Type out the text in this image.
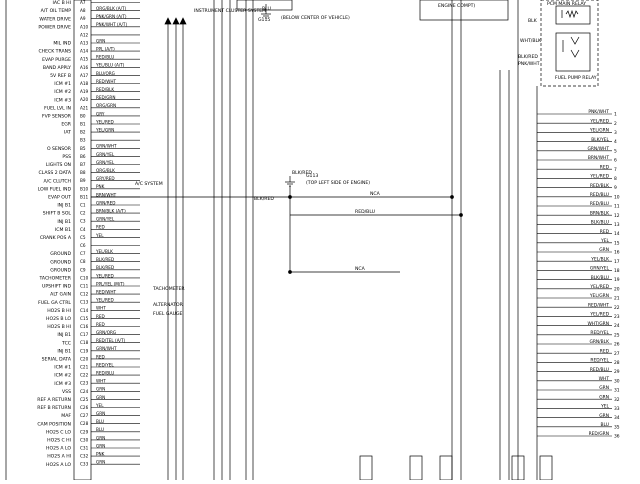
IAC B HI A7
A/T OIL TEMP A8 ORG/BLK (A/T)
WATER DRIVE A9 PNK/GRN (A/T)
POWER DRIVE A10 PNK/WHT (A/T)
A12
MIL IND A13 GRN
CHECK TRANS A14 PPL (A/T)
EVAP PURGE A15 RED/BLU
BAND APPLY A16 YEL/BLU (A/T)
5V REF B A17 BLU/ORG
ICM #1 A18 RED/WHT
ICM #2 A19 RED/BLK
ICM #3 A20 RED/GRN
FUEL LVL IN A21 ORG/GRN
FVP SENSOR B0 GRY
EGR B1 YEL/RED
IAT B2 YEL/GRN
B3
O SENSOR B5 GRN/WHT
PSS B6 GRN/YEL
LIGHTS ON B7 GRN/YEL
CLASS 2 DATA B8 ORG/BLK
A/C CLUTCH B9 GRY/RED
LOW FUEL IND B10 PNK
EVAP OUT B11 BRN/WHT
INJ B1 C1 GRN/RED
SHIFT B SOL C2 BRN/BLK (A/T)
INJ B1 C3 GRN/YEL
ICM B1 C4 RED
CRANK POS A C5 YEL
C6
GROUND C7 YEL/BLK
GROUND C8 BLK/RED
GROUND C9 BLK/RED
TACHOMETER C10 YEL/RED
UPSHIFT IND C11 PPL/YEL (M/T)
ALT GAIN C12 RED/WHT
FUEL GA CTRL C13 YEL/RED
HO2S B HI C14 WHT
HO2S B LO C15 RED
HO2S B HI C16 RED
INJ B1 C17 GRN/ORG
TCC C18 RED/TEL (A/T)
INJ B1 C19 GRN/WHT
SERIAL DATA C20 RED
ICM #1 C21 RED/YEL
ICM #2 C22 RED/BLU
ICM #3 C23 WHT
VSS C24 GRN
REF A RETURN C25 GRN
REF B RETURN C26 YEL
MAF C27 GRN
CAM POSITION C28 BLU
HO2S C LO C29 BLU
HO2S C HI C30 GRN
HO2S A LO C31 GRN
HO2S A HI C32 PNK
HO2S A LO C33 GRN
PNK/WHT 1
YEL/RED 2
YEL/GRN 3
BLK/YEL 4
GRN/WHT 5
BRN/WHT 6
RED 7
YEL/RED 8
RED/BLK 9
RED/BLU 10
RED/BLU 11
BRN/BLK 12
BLK/BLU 13
RED 14
YEL 15
GRN 16
YEL/BLK 17
GRN/YEL 18
BLK/BLU 19
YEL/RED 20
YEL/GRN 21
RED/WHT 22
YEL/RED 23
WHT/GRN 24
RED/YEL 25
GRN/BLK 26
RED 27
RED/YEL 28
RED/BLU 29
WHT 30
GRN 31
GRN 32
YEL 33
GRN 34
BLU 35
RED/GRN 36
INSTRUMENT CLUSTER SYSTEM
G115 (BELOW CENTER OF VEHICLE)
ENGINE COMPT)	PCM MAIN RELAY
FUEL PUMP RELAY
BLK
WHT/BLK
BLK/RED
PNK/WHT
BLK/RED
BLK/RED
G113
(TOP LEFT SIDE OF ENGINE)
NCA
RED/BLU
NCA
A/C SYSTEM
TACHOMETER
ALTERNATOR
FUEL GAUGE
BLU
